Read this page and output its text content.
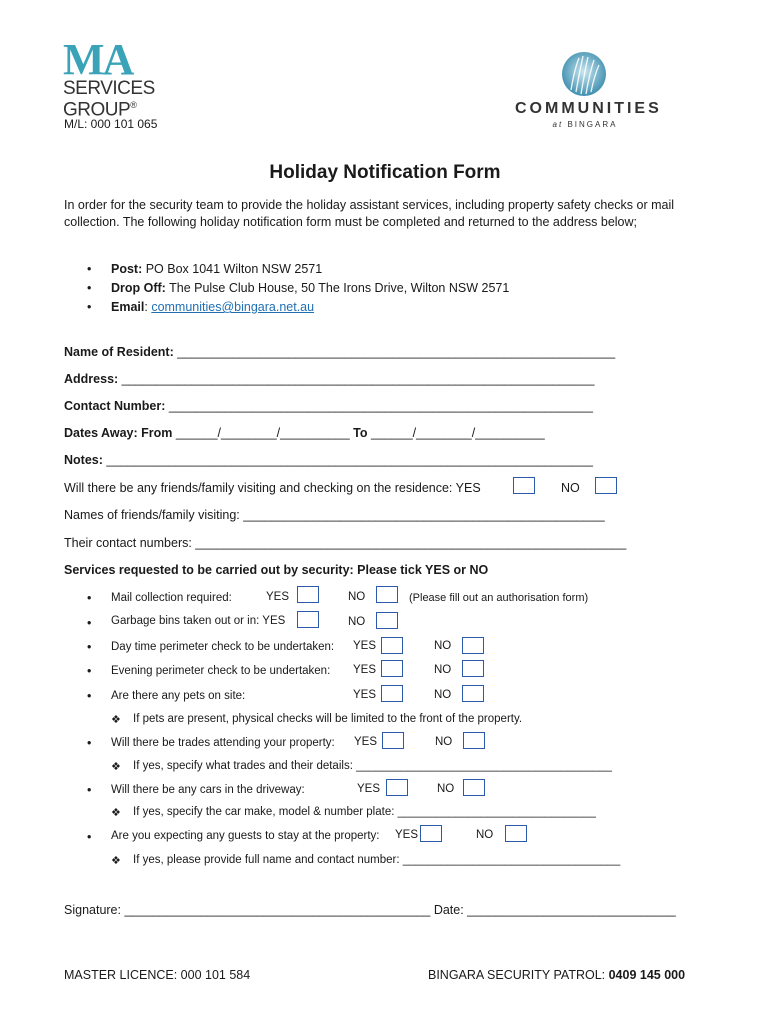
MA
SERVICES
GROUP®
M/L: 000 101 065
COMMUNITIES
at BINGARA
Holiday Notification Form
In order for the security team to provide the holiday assistant services, including property safety checks or mail collection. The following holiday notification form must be completed and returned to the address below;
• Post: PO Box 1041 Wilton NSW 2571
• Drop Off: The Pulse Club House, 50 The Irons Drive, Wilton NSW 2571
• Email: communities@bingara.net.au
Name of Resident: _______________________________________________________________
Address: ____________________________________________________________________
Contact Number: _____________________________________________________________
Dates Away: From ______/________/__________ To ______/________/__________
Notes: ______________________________________________________________________
Will there be any friends/family visiting and checking on the residence: YES	NO
Names of friends/family visiting: ____________________________________________________
Their contact numbers: ______________________________________________________________
Services requested to be carried out by security: Please tick YES or NO
• Mail collection required:	YES	NO	(Please fill out an authorisation form)
• Garbage bins taken out or in: YES	NO
• Day time perimeter check to be undertaken: YES	NO
• Evening perimeter check to be undertaken: YES	NO
• Are there any pets on site:	YES	NO
❖ If pets are present, physical checks will be limited to the front of the property.
• Will there be trades attending your property: YES	NO
❖ If yes, specify what trades and their details: ________________________________________
• Will there be any cars in the driveway:	YES	NO
❖ If yes, specify the car make, model & number plate: _______________________________
• Are you expecting any guests to stay at the property: YES	NO
❖ If yes, please provide full name and contact number: __________________________________
Signature: ____________________________________________ Date: ______________________________
MASTER LICENCE: 000 101 584	BINGARA SECURITY PATROL: 0409 145 000
